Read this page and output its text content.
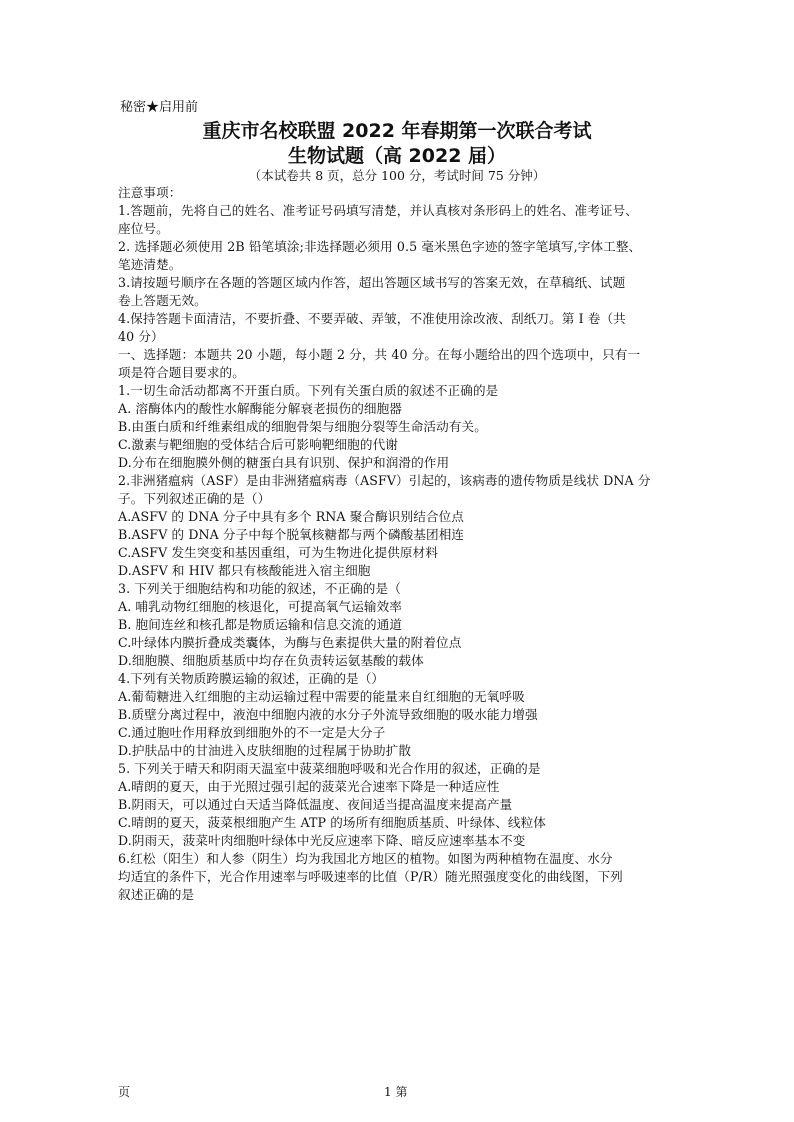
秘密★启用前
重庆市名校联盟 2022 年春期第一次联合考试
生物试题（高 2022 届）
（本试卷共 8 页，总分 100 分，考试时间 75 分钟）
注意事项：
1.答题前，先将自己的姓名、准考证号码填写清楚，并认真核对条形码上的姓名、准考证号、
座位号。
2. 选择题必须使用 2B 铅笔填涂;非选择题必须用 0.5 毫米黑色字迹的签字笔填写,字体工整、
笔迹清楚。
3.请按题号顺序在各题的答题区域内作答，超出答题区域书写的答案无效，在草稿纸、试题
卷上答题无效。
4.保持答题卡面清洁，不要折叠、不要弄破、弄皱，不准使用涂改液、刮纸刀。第 I 卷（共
40 分）
一、选择题：本题共 20 小题，每小题 2 分，共 40 分。在每小题给出的四个选项中，只有一
项是符合题目要求的。
1.一切生命活动都离不开蛋白质。下列有关蛋白质的叙述不正确的是
A. 溶酶体内的酸性水解酶能分解衰老损伤的细胞器
B.由蛋白质和纤维素组成的细胞骨架与细胞分裂等生命活动有关。
C.激素与靶细胞的受体结合后可影响靶细胞的代谢
D.分布在细胞膜外侧的糖蛋白具有识别、保护和润滑的作用
2.非洲猪瘟病（ASF）是由非洲猪瘟病毒（ASFV）引起的，该病毒的遗传物质是线状 DNA 分
子。下列叙述正确的是（）
A.ASFV 的 DNA 分子中具有多个 RNA 聚合酶识别结合位点
B.ASFV 的 DNA 分子中每个脱氧核糖都与两个磷酸基团相连
C.ASFV 发生突变和基因重组，可为生物进化提供原材料
D.ASFV 和 HIV 都只有核酸能进入宿主细胞
3. 下列关于细胞结构和功能的叙述，不正确的是（
A. 哺乳动物红细胞的核退化，可提高氧气运输效率
B. 胞间连丝和核孔都是物质运输和信息交流的通道
C.叶绿体内膜折叠成类囊体，为酶与色素提供大量的附着位点
D.细胞膜、细胞质基质中均存在负责转运氨基酸的载体
4.下列有关物质跨膜运输的叙述，正确的是（）
A.葡萄糖进入红细胞的主动运输过程中需要的能量来自红细胞的无氧呼吸
B.质壁分离过程中，液泡中细胞内液的水分子外流导致细胞的吸水能力增强
C.通过胞吐作用释放到细胞外的不一定是大分子
D.护肤品中的甘油进入皮肤细胞的过程属于协助扩散
5. 下列关于晴天和阴雨天温室中菠菜细胞呼吸和光合作用的叙述，正确的是
A.晴朗的夏天，由于光照过强引起的菠菜光合速率下降是一种适应性
B.阴雨天，可以通过白天适当降低温度、夜间适当提高温度来提高产量
C.晴朗的夏天，菠菜根细胞产生 ATP 的场所有细胞质基质、叶绿体、线粒体
D.阴雨天，菠菜叶肉细胞叶绿体中光反应速率下降、暗反应速率基本不变
6.红松（阳生）和人参（阴生）均为我国北方地区的植物。如图为两种植物在温度、水分
均适宜的条件下，光合作用速率与呼吸速率的比值（P/R）随光照强度变化的曲线图，下列
叙述正确的是
页	1 第
